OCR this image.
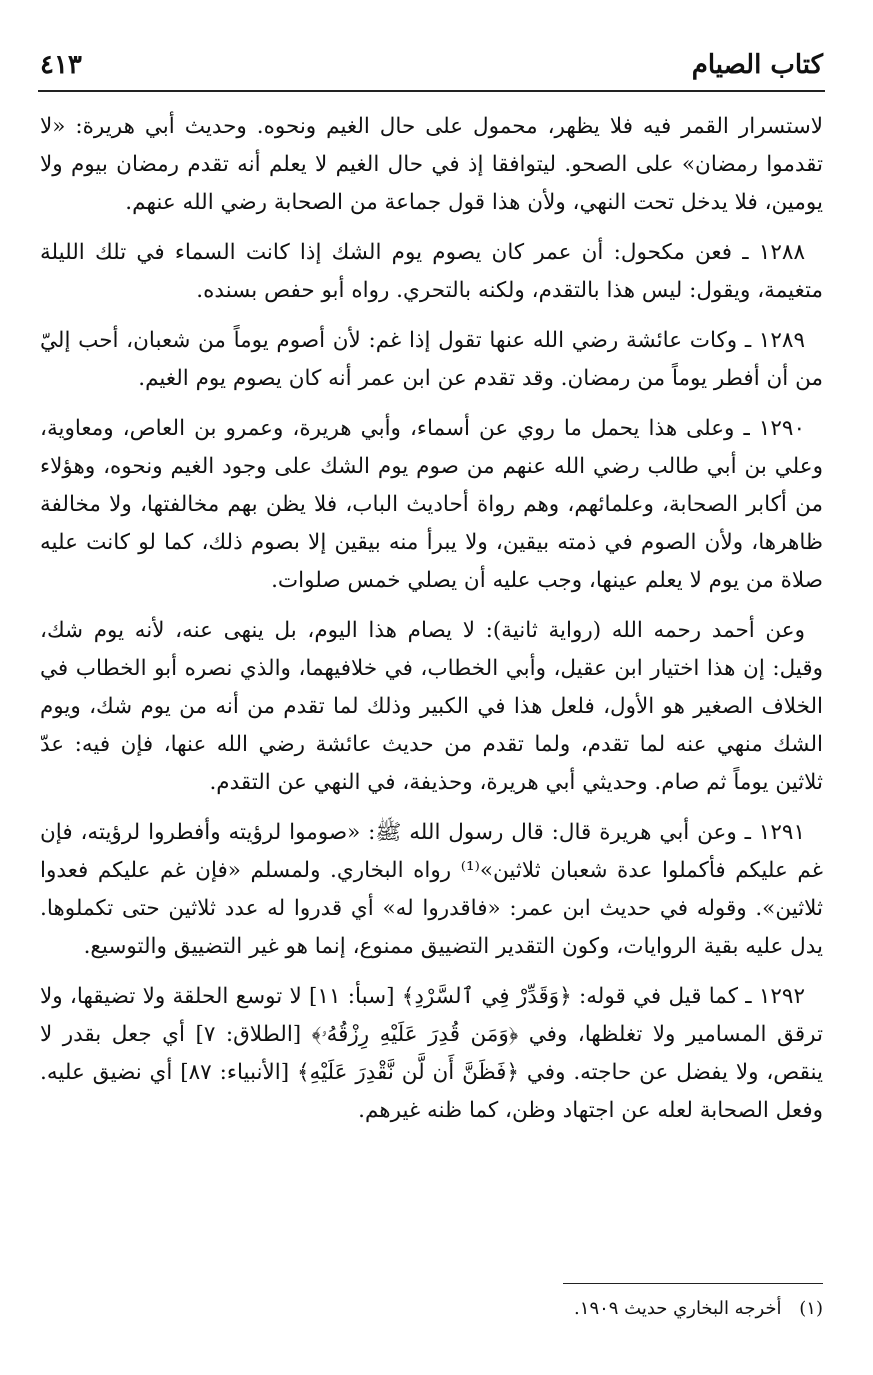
كتاب الصيام
٤١٣

لاستسرار القمر فيه فلا يظهر، محمول على حال الغيم ونحوه. وحديث أبي هريرة: «لا تقدموا رمضان» على الصحو. ليتوافقا إذ في حال الغيم لا يعلم أنه تقدم رمضان بيوم ولا يومين، فلا يدخل تحت النهي، ولأن هذا قول جماعة من الصحابة رضي الله عنهم.

١٢٨٨ ـ فعن مكحول: أن عمر كان يصوم يوم الشك إذا كانت السماء في تلك الليلة متغيمة، ويقول: ليس هذا بالتقدم، ولكنه بالتحري. رواه أبو حفص بسنده.

١٢٨٩ ـ وكات عائشة رضي الله عنها تقول إذا غم: لأن أصوم يوماً من شعبان، أحب إليّ من أن أفطر يوماً من رمضان. وقد تقدم عن ابن عمر أنه كان يصوم يوم الغيم.

١٢٩٠ ـ وعلى هذا يحمل ما روي عن أسماء، وأبي هريرة، وعمرو بن العاص، ومعاوية، وعلي بن أبي طالب رضي الله عنهم من صوم يوم الشك على وجود الغيم ونحوه، وهؤلاء من أكابر الصحابة، وعلمائهم، وهم رواة أحاديث الباب، فلا يظن بهم مخالفتها، ولا مخالفة ظاهرها، ولأن الصوم في ذمته بيقين، ولا يبرأ منه بيقين إلا بصوم ذلك، كما لو كانت عليه صلاة من يوم لا يعلم عينها، وجب عليه أن يصلي خمس صلوات.

وعن أحمد رحمه الله (رواية ثانية): لا يصام هذا اليوم، بل ينهى عنه، لأنه يوم شك، وقيل: إن هذا اختيار ابن عقيل، وأبي الخطاب، في خلافيهما، والذي نصره أبو الخطاب في الخلاف الصغير هو الأول، فلعل هذا في الكبير وذلك لما تقدم من أنه من يوم شك، ويوم الشك منهي عنه لما تقدم، ولما تقدم من حديث عائشة رضي الله عنها، فإن فيه: عدّ ثلاثين يوماً ثم صام. وحديثي أبي هريرة، وحذيفة، في النهي عن التقدم.

١٢٩١ ـ وعن أبي هريرة قال: قال رسول الله ﷺ: «صوموا لرؤيته وأفطروا لرؤيته، فإن غم عليكم فأكملوا عدة شعبان ثلاثين»⁽¹⁾ رواه البخاري. ولمسلم «فإن غم عليكم فعدوا ثلاثين». وقوله في حديث ابن عمر: «فاقدروا له» أي قدروا له عدد ثلاثين حتى تكملوها. يدل عليه بقية الروايات، وكون التقدير التضييق ممنوع، إنما هو غير التضييق والتوسيع.

١٢٩٢ ـ كما قيل في قوله: ﴿وَقَدِّرْ فِي ٱلسَّرْدِ﴾ [سبأ: ١١] لا توسع الحلقة ولا تضيقها، ولا ترقق المسامير ولا تغلظها، وفي ﴿وَمَن قُدِرَ عَلَيْهِ رِزْقُهُۥ﴾ [الطلاق: ٧] أي جعل بقدر لا ينقص، ولا يفضل عن حاجته. وفي ﴿فَظَنَّ أَن لَّن نَّقْدِرَ عَلَيْهِ﴾ [الأنبياء: ٨٧] أي نضيق عليه. وفعل الصحابة لعله عن اجتهاد وظن، كما ظنه غيرهم.

(١) أخرجه البخاري حديث ١٩٠٩.
